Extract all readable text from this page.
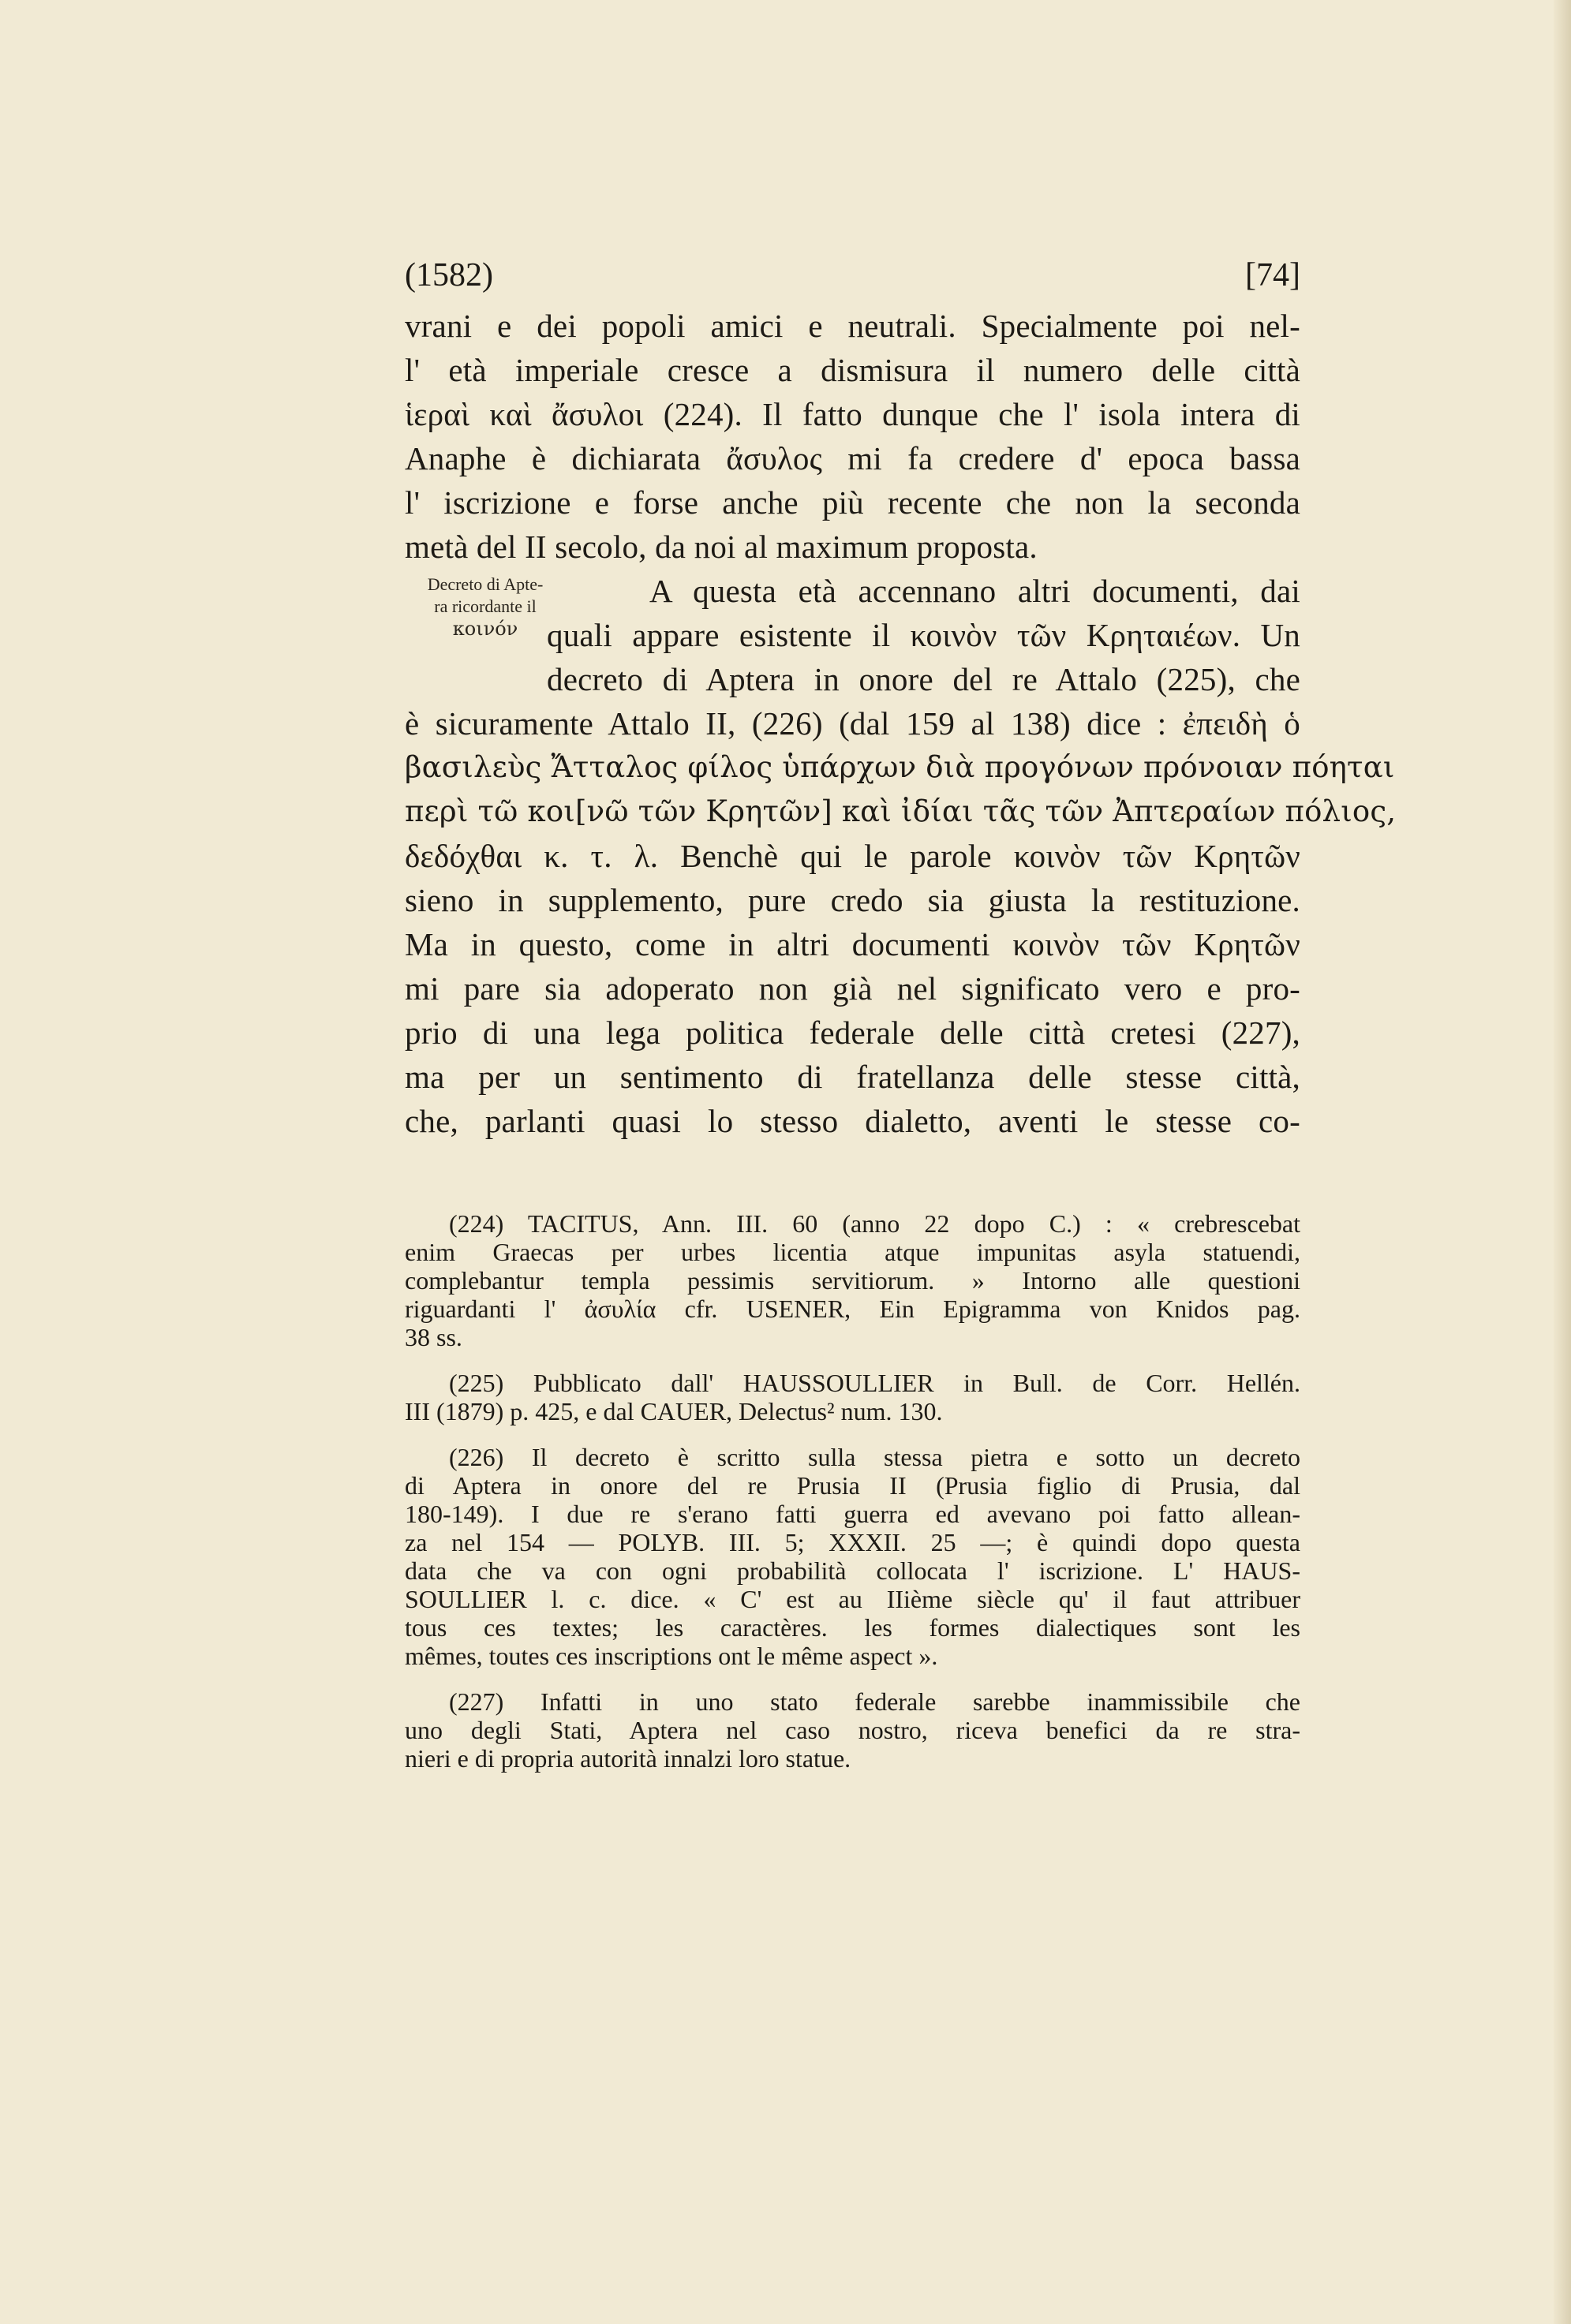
(1582)	[74]
Decreto di Apte-
ra ricordante il
κοινόν
vrani e dei popoli amici e neutrali. Specialmente poi nel-
l' età imperiale cresce a dismisura il numero delle città
ἱεραὶ καὶ ἄσυλοι (224). Il fatto dunque che l' isola intera di
Anaphe è dichiarata ἄσυλος mi fa credere d' epoca bassa
l' iscrizione e forse anche più recente che non la seconda
metà del II secolo, da noi al maximum proposta.
A questa età accennano altri documenti, dai
quali appare esistente il κοινὸν τῶν Κρηταιέων. Un
decreto di Aptera in onore del re Attalo (225), che
è sicuramente Attalo II, (226) (dal 159 al 138) dice : ἐπειδὴ ὁ
βασιλεὺς Ἄτταλος φίλος ὑπάρχων διὰ προγόνων πρόνοιαν πόηται
περὶ τῶ κοι[νῶ τῶν Κρητῶν] καὶ ἰδίαι τᾶς τῶν Ἀπτεραίων πόλιος,
δεδόχθαι κ. τ. λ. Benchè qui le parole κοινὸν τῶν Κρητῶν
sieno in supplemento, pure credo sia giusta la restituzione.
Ma in questo, come in altri documenti κοινὸν τῶν Κρητῶν
mi pare sia adoperato non già nel significato vero e pro-
prio di una lega politica federale delle città cretesi (227),
ma per un sentimento di fratellanza delle stesse città,
che, parlanti quasi lo stesso dialetto, aventi le stesse co-
(224) TACITUS, Ann. III. 60 (anno 22 dopo C.) : « crebrescebat
enim Graecas per urbes licentia atque impunitas asyla statuendi,
complebantur templa pessimis servitiorum. » Intorno alle questioni
riguardanti l' ἀσυλία cfr. USENER, Ein Epigramma von Knidos pag.
38 ss.
(225) Pubblicato dall' HAUSSOULLIER in Bull. de Corr. Hellén.
III (1879) p. 425, e dal CAUER, Delectus² num. 130.
(226) Il decreto è scritto sulla stessa pietra e sotto un decreto
di Aptera in onore del re Prusia II (Prusia figlio di Prusia, dal
180-149). I due re s'erano fatti guerra ed avevano poi fatto allean-
za nel 154 — POLYB. III. 5; XXXII. 25 —; è quindi dopo questa
data che va con ogni probabilità collocata l' iscrizione. L' HAUS-
SOULLIER l. c. dice. « C' est au IIième siècle qu' il faut attribuer
tous ces textes; les caractères. les formes dialectiques sont les
mêmes, toutes ces inscriptions ont le même aspect ».
(227) Infatti in uno stato federale sarebbe inammissibile che
uno degli Stati, Aptera nel caso nostro, riceva benefici da re stra-
nieri e di propria autorità innalzi loro statue.
